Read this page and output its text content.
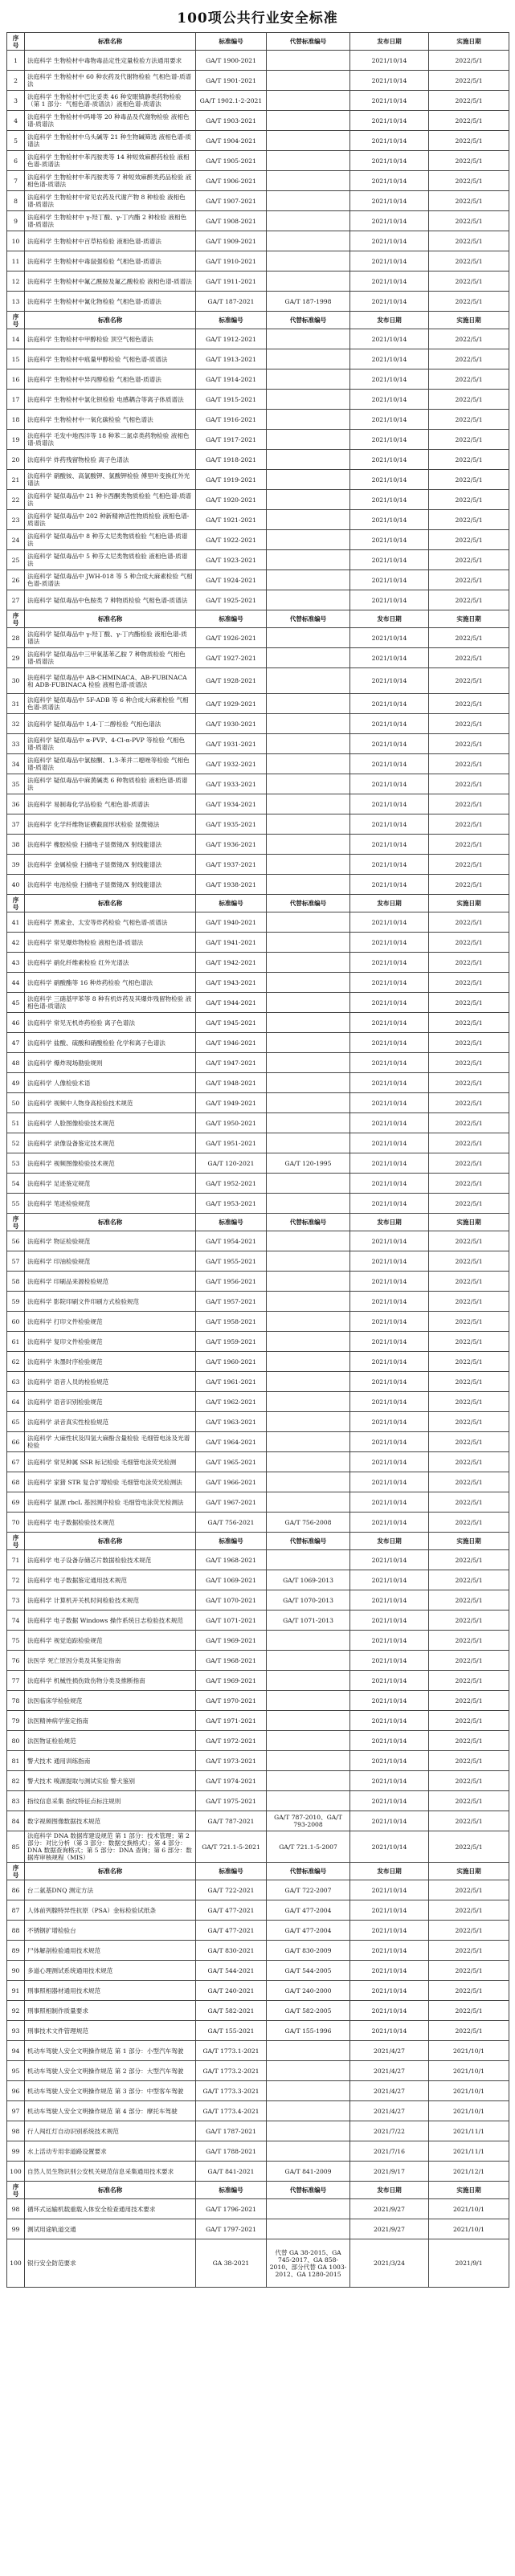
100项公共行业安全标准
序号	标准名称	标准编号	代替标准编号	发布日期	实施日期
1	法庭科学 生物检材中毒物毒品定性定量检验方法通用要求	GA/T 1900-2021		2021/10/14	2022/5/1
2	法庭科学 生物检材中 60 种农药及代谢物检验 气相色谱-质谱法	GA/T 1901-2021		2021/10/14	2022/5/1
3	法庭科学 生物检材中巴比妥类 46 种安眠镇静类药物检验（第 1 部分：气相色谱-质谱法）液相色谱-质谱法	GA/T 1902.1-2-2021		2021/10/14	2022/5/1
4	法庭科学 生物检材中吗啡等 20 种毒品及代谢物检验 液相色谱-质谱法	GA/T 1903-2021		2021/10/14	2022/5/1
5	法庭科学 生物检材中乌头碱等 21 种生物碱筛选 液相色谱-质谱法	GA/T 1904-2021		2021/10/14	2022/5/1
6	法庭科学 生物检材中苯丙胺类等 14 种短效麻醉药检验 液相色谱-质谱法	GA/T 1905-2021		2021/10/14	2022/5/1
7	法庭科学 生物检材中苯丙胺类等 7 种短效麻醉类药品检验 液相色谱-质谱法	GA/T 1906-2021		2021/10/14	2022/5/1
8	法庭科学 生物检材中常见农药及代谢产物 8 种检验 液相色谱-质谱法	GA/T 1907-2021		2021/10/14	2022/5/1
9	法庭科学 生物检材中 γ-羟丁酸、γ-丁内酯 2 种检验 液相色谱-质谱法	GA/T 1908-2021		2021/10/14	2022/5/1
10	法庭科学 生物检材中百草枯检验 液相色谱-质谱法	GA/T 1909-2021		2021/10/14	2022/5/1
11	法庭科学 生物检材中毒鼠强检验 气相色谱-质谱法	GA/T 1910-2021		2021/10/14	2022/5/1
12	法庭科学 生物检材中氟乙酰胺及氟乙酸检验 液相色谱-质谱法	GA/T 1911-2021		2021/10/14	2022/5/1
13	法庭科学 生物检材中氰化物检验 气相色谱-质谱法	GA/T 187-2021	GA/T 187-1998	2021/10/14	2022/5/1
序号	标准名称	标准编号	代替标准编号	发布日期	实施日期
14	法庭科学 生物检材中甲醇检验 顶空气相色谱法	GA/T 1912-2021		2021/10/14	2022/5/1
15	法庭科学 生物检材中痕量甲醇检验 气相色谱-质谱法	GA/T 1913-2021		2021/10/14	2022/5/1
16	法庭科学 生物检材中异丙醇检验 气相色谱-质谱法	GA/T 1914-2021		2021/10/14	2022/5/1
17	法庭科学 生物检材中氯化钡检验 电感耦合等离子体质谱法	GA/T 1915-2021		2021/10/14	2022/5/1
18	法庭科学 生物检材中一氧化碳检验 气相色谱法	GA/T 1916-2021		2021/10/14	2022/5/1
19	法庭科学 毛发中地西泮等 18 种苯二氮卓类药物检验 液相色谱-质谱法	GA/T 1917-2021		2021/10/14	2022/5/1
20	法庭科学 炸药残留物检验 离子色谱法	GA/T 1918-2021		2021/10/14	2022/5/1
21	法庭科学 硝酸铵、高氯酸钾、氯酸钾检验 傅里叶变换红外光谱法	GA/T 1919-2021		2021/10/14	2022/5/1
22	法庭科学 疑似毒品中 21 种卡西酮类物质检验 气相色谱-质谱法	GA/T 1920-2021		2021/10/14	2022/5/1
23	法庭科学 疑似毒品中 202 种新精神活性物质检验 液相色谱-质谱法	GA/T 1921-2021		2021/10/14	2022/5/1
24	法庭科学 疑似毒品中 8 种芬太尼类物质检验 气相色谱-质谱法	GA/T 1922-2021		2021/10/14	2022/5/1
25	法庭科学 疑似毒品中 5 种芬太尼类物质检验 液相色谱-质谱法	GA/T 1923-2021		2021/10/14	2022/5/1
26	法庭科学 疑似毒品中 JWH-018 等 5 种合成大麻素检验 气相色谱-质谱法	GA/T 1924-2021		2021/10/14	2022/5/1
27	法庭科学 疑似毒品中色胺类 7 种物质检验 气相色谱-质谱法	GA/T 1925-2021		2021/10/14	2022/5/1
序号	标准名称	标准编号	代替标准编号	发布日期	实施日期
28	法庭科学 疑似毒品中 γ-羟丁酸、γ-丁内酯检验 液相色谱-质谱法	GA/T 1926-2021		2021/10/14	2022/5/1
29	法庭科学 疑似毒品中三甲氧基苯乙胺 7 种物质检验 气相色谱-质谱法	GA/T 1927-2021		2021/10/14	2022/5/1
30	法庭科学 疑似毒品中 AB-CHMINACA、AB-FUBINACA 和 ADB-FUBINACA 检验 液相色谱-质谱法	GA/T 1928-2021		2021/10/14	2022/5/1
31	法庭科学 疑似毒品中 5F-ADB 等 6 种合成大麻素检验 气相色谱-质谱法	GA/T 1929-2021		2021/10/14	2022/5/1
32	法庭科学 疑似毒品中 1,4-丁二醇检验 气相色谱法	GA/T 1930-2021		2021/10/14	2022/5/1
33	法庭科学 疑似毒品中 α-PVP、4-Cl-α-PVP 等检验 气相色谱-质谱法	GA/T 1931-2021		2021/10/14	2022/5/1
34	法庭科学 疑似毒品中氯胺酮、1,3-苯并二噁唑等检验 气相色谱-质谱法	GA/T 1932-2021		2021/10/14	2022/5/1
35	法庭科学 疑似毒品中麻黄碱类 6 种物质检验 液相色谱-质谱法	GA/T 1933-2021		2021/10/14	2022/5/1
36	法庭科学 易制毒化学品检验 气相色谱-质谱法	GA/T 1934-2021		2021/10/14	2022/5/1
37	法庭科学 化学纤维物证横截面形状检验 显微镜法	GA/T 1935-2021		2021/10/14	2022/5/1
38	法庭科学 橡胶检验 扫描电子显微镜/X 射线能谱法	GA/T 1936-2021		2021/10/14	2022/5/1
39	法庭科学 金属检验 扫描电子显微镜/X 射线能谱法	GA/T 1937-2021		2021/10/14	2022/5/1
40	法庭科学 电池检验 扫描电子显微镜/X 射线能谱法	GA/T 1938-2021		2021/10/14	2022/5/1
序号	标准名称	标准编号	代替标准编号	发布日期	实施日期
41	法庭科学 黑索金、太安等炸药检验 气相色谱-质谱法	GA/T 1940-2021		2021/10/14	2022/5/1
42	法庭科学 常见爆炸物检验 液相色谱-质谱法	GA/T 1941-2021		2021/10/14	2022/5/1
43	法庭科学 硝化纤维素检验 红外光谱法	GA/T 1942-2021		2021/10/14	2022/5/1
44	法庭科学 硝酸酯等 16 种炸药检验 气相色谱法	GA/T 1943-2021		2021/10/14	2022/5/1
45	法庭科学 三硝基甲苯等 8 种有机炸药及其爆炸残留物检验 液相色谱-质谱法	GA/T 1944-2021		2021/10/14	2022/5/1
46	法庭科学 常见无机炸药检验 离子色谱法	GA/T 1945-2021		2021/10/14	2022/5/1
47	法庭科学 盐酸、硫酸和硝酸检验 化学和离子色谱法	GA/T 1946-2021		2021/10/14	2022/5/1
48	法庭科学 爆炸现场勘验规则	GA/T 1947-2021		2021/10/14	2022/5/1
49	法庭科学 人像检验术语	GA/T 1948-2021		2021/10/14	2022/5/1
50	法庭科学 视频中人物身高检验技术规范	GA/T 1949-2021		2021/10/14	2022/5/1
51	法庭科学 人脸图像检验技术规范	GA/T 1950-2021		2021/10/14	2022/5/1
52	法庭科学 录像设备鉴定技术规范	GA/T 1951-2021		2021/10/14	2022/5/1
53	法庭科学 视频图像检验技术规范	GA/T 120-2021	GA/T 120-1995	2021/10/14	2022/5/1
54	法庭科学 足迹鉴定规范	GA/T 1952-2021		2021/10/14	2022/5/1
55	法庭科学 笔迹检验规范	GA/T 1953-2021		2021/10/14	2022/5/1
序号	标准名称	标准编号	代替标准编号	发布日期	实施日期
56	法庭科学 物证检验规范	GA/T 1954-2021		2021/10/14	2022/5/1
57	法庭科学 印油检验规范	GA/T 1955-2021		2021/10/14	2022/5/1
58	法庭科学 印刷品来源检验规范	GA/T 1956-2021		2021/10/14	2022/5/1
59	法庭科学 影院印刷文件印刷方式检验规范	GA/T 1957-2021		2021/10/14	2022/5/1
60	法庭科学 打印文件检验规范	GA/T 1958-2021		2021/10/14	2022/5/1
61	法庭科学 复印文件检验规范	GA/T 1959-2021		2021/10/14	2022/5/1
62	法庭科学 朱墨时序检验规范	GA/T 1960-2021		2021/10/14	2022/5/1
63	法庭科学 语音人员的检验规范	GA/T 1961-2021		2021/10/14	2022/5/1
64	法庭科学 语音识别检验规范	GA/T 1962-2021		2021/10/14	2022/5/1
65	法庭科学 录音真实性检验规范	GA/T 1963-2021		2021/10/14	2022/5/1
66	法庭科学 大麻性状及四氢大麻酚含量检验 毛细管电泳及光谱检验	GA/T 1964-2021		2021/10/14	2022/5/1
67	法庭科学 常见种属 SSR 标记检验 毛细管电泳荧光检测	GA/T 1965-2021		2021/10/14	2022/5/1
68	法庭科学 家猪 STR 复合扩增检验 毛细管电泳荧光检测法	GA/T 1966-2021		2021/10/14	2022/5/1
69	法庭科学 鼠源 rbcL 基因测序检验 毛细管电泳荧光检测法	GA/T 1967-2021		2021/10/14	2022/5/1
70	法庭科学 电子数据检验技术规范	GA/T 756-2021	GA/T 756-2008	2021/10/14	2022/5/1
序号	标准名称	标准编号	代替标准编号	发布日期	实施日期
71	法庭科学 电子设备存储芯片数据检验技术规范	GA/T 1968-2021		2021/10/14	2022/5/1
72	法庭科学 电子数据鉴定通用技术规范	GA/T 1069-2021	GA/T 1069-2013	2021/10/14	2022/5/1
73	法庭科学 计算机开关机时间检验技术规范	GA/T 1070-2021	GA/T 1070-2013	2021/10/14	2022/5/1
74	法庭科学 电子数据 Windows 操作系统日志检验技术规范	GA/T 1071-2021	GA/T 1071-2013	2021/10/14	2022/5/1
75	法庭科学 视觉追踪检验规范	GA/T 1969-2021		2021/10/14	2022/5/1
76	法医学 死亡原因分类及其鉴定指南	GA/T 1968-2021		2021/10/14	2022/5/1
77	法庭科学 机械性损伤致伤物分类及推断指南	GA/T 1969-2021		2021/10/14	2022/5/1
78	法医临床学检验规范	GA/T 1970-2021		2021/10/14	2022/5/1
79	法医精神病学鉴定指南	GA/T 1971-2021		2021/10/14	2022/5/1
80	法医物证检验规范	GA/T 1972-2021		2021/10/14	2022/5/1
81	警犬技术 通用训练指南	GA/T 1973-2021		2021/10/14	2022/5/1
82	警犬技术 嗅源提取与测试实验 警犬鉴别	GA/T 1974-2021		2021/10/14	2022/5/1
83	指纹信息采集 指纹特征点标注规则	GA/T 1975-2021		2021/10/14	2022/5/1
84	数字视频图像数据技术规范	GA/T 787-2021	GA/T 787-2010、GA/T 793-2008	2021/10/14	2022/5/1
85	法庭科学 DNA 数据库建设规范 第 1 部分：技术管理；第 2 部分：对比分析（第 3 部分：数据交换格式）；第 4 部分：DNA 数据查询格式；第 5 部分：DNA 查询；第 6 部分：数据库审核规程（MIS）	GA/T 721.1-5-2021	GA/T 721.1-5-2007	2021/10/14	2022/5/1
序号	标准名称	标准编号	代替标准编号	发布日期	实施日期
86	台二氨基DNQ 测定方法	GA/T 722-2021	GA/T 722-2007	2021/10/14	2022/5/1
87	人体前列腺特异性抗原（PSA）金标检验试纸条	GA/T 477-2021	GA/T 477-2004	2021/10/14	2022/5/1
88	不锈钢扩增检验台	GA/T 477-2021	GA/T 477-2004	2021/10/14	2022/5/1
89	尸体解剖检验通用技术规范	GA/T 830-2021	GA/T 830-2009	2021/10/14	2022/5/1
90	多道心理测试系统通用技术规范	GA/T 544-2021	GA/T 544-2005	2021/10/14	2022/5/1
91	刑事照相器材通用技术规范	GA/T 240-2021	GA/T 240-2000	2021/10/14	2022/5/1
92	刑事照相制作质量要求	GA/T 582-2021	GA/T 582-2005	2021/10/14	2022/5/1
93	刑事技术文件管理规范	GA/T 155-2021	GA/T 155-1996	2021/10/14	2022/5/1
94	机动车驾驶人安全文明操作规范 第 1 部分：小型汽车驾驶	GA/T 1773.1-2021		2021/4/27	2021/10/1
95	机动车驾驶人安全文明操作规范 第 2 部分：大型汽车驾驶	GA/T 1773.2-2021		2021/4/27	2021/10/1
96	机动车驾驶人安全文明操作规范 第 3 部分：中型客车驾驶	GA/T 1773.3-2021		2021/4/27	2021/10/1
97	机动车驾驶人安全文明操作规范 第 4 部分：摩托车驾驶	GA/T 1773.4-2021		2021/4/27	2021/10/1
98	行人闯红灯自动识别系统技术规范	GA/T 1787-2021		2021/7/22	2021/11/1
99	水上活动专用非道路设置要求	GA/T 1788-2021		2021/7/16	2021/11/1
100	自然人员生物识别公安机关规范信息采集通用技术要求	GA/T 841-2021	GA/T 841-2009	2021/9/17	2021/12/1
序号	标准名称	标准编号	代替标准编号	发布日期	实施日期
98	循环式运输机载重载入体安全检查通用技术要求	GA/T 1796-2021		2021/9/27	2021/10/1
99	测试用途轨道交通	GA/T 1797-2021		2021/9/27	2021/10/1
100	银行安全防范要求	GA 38-2021	代替 GA 38-2015、GA 745-2017、GA 858-2010、部分代替 GA 1003-2012、GA 1280-2015	2021/3/24	2021/9/1
